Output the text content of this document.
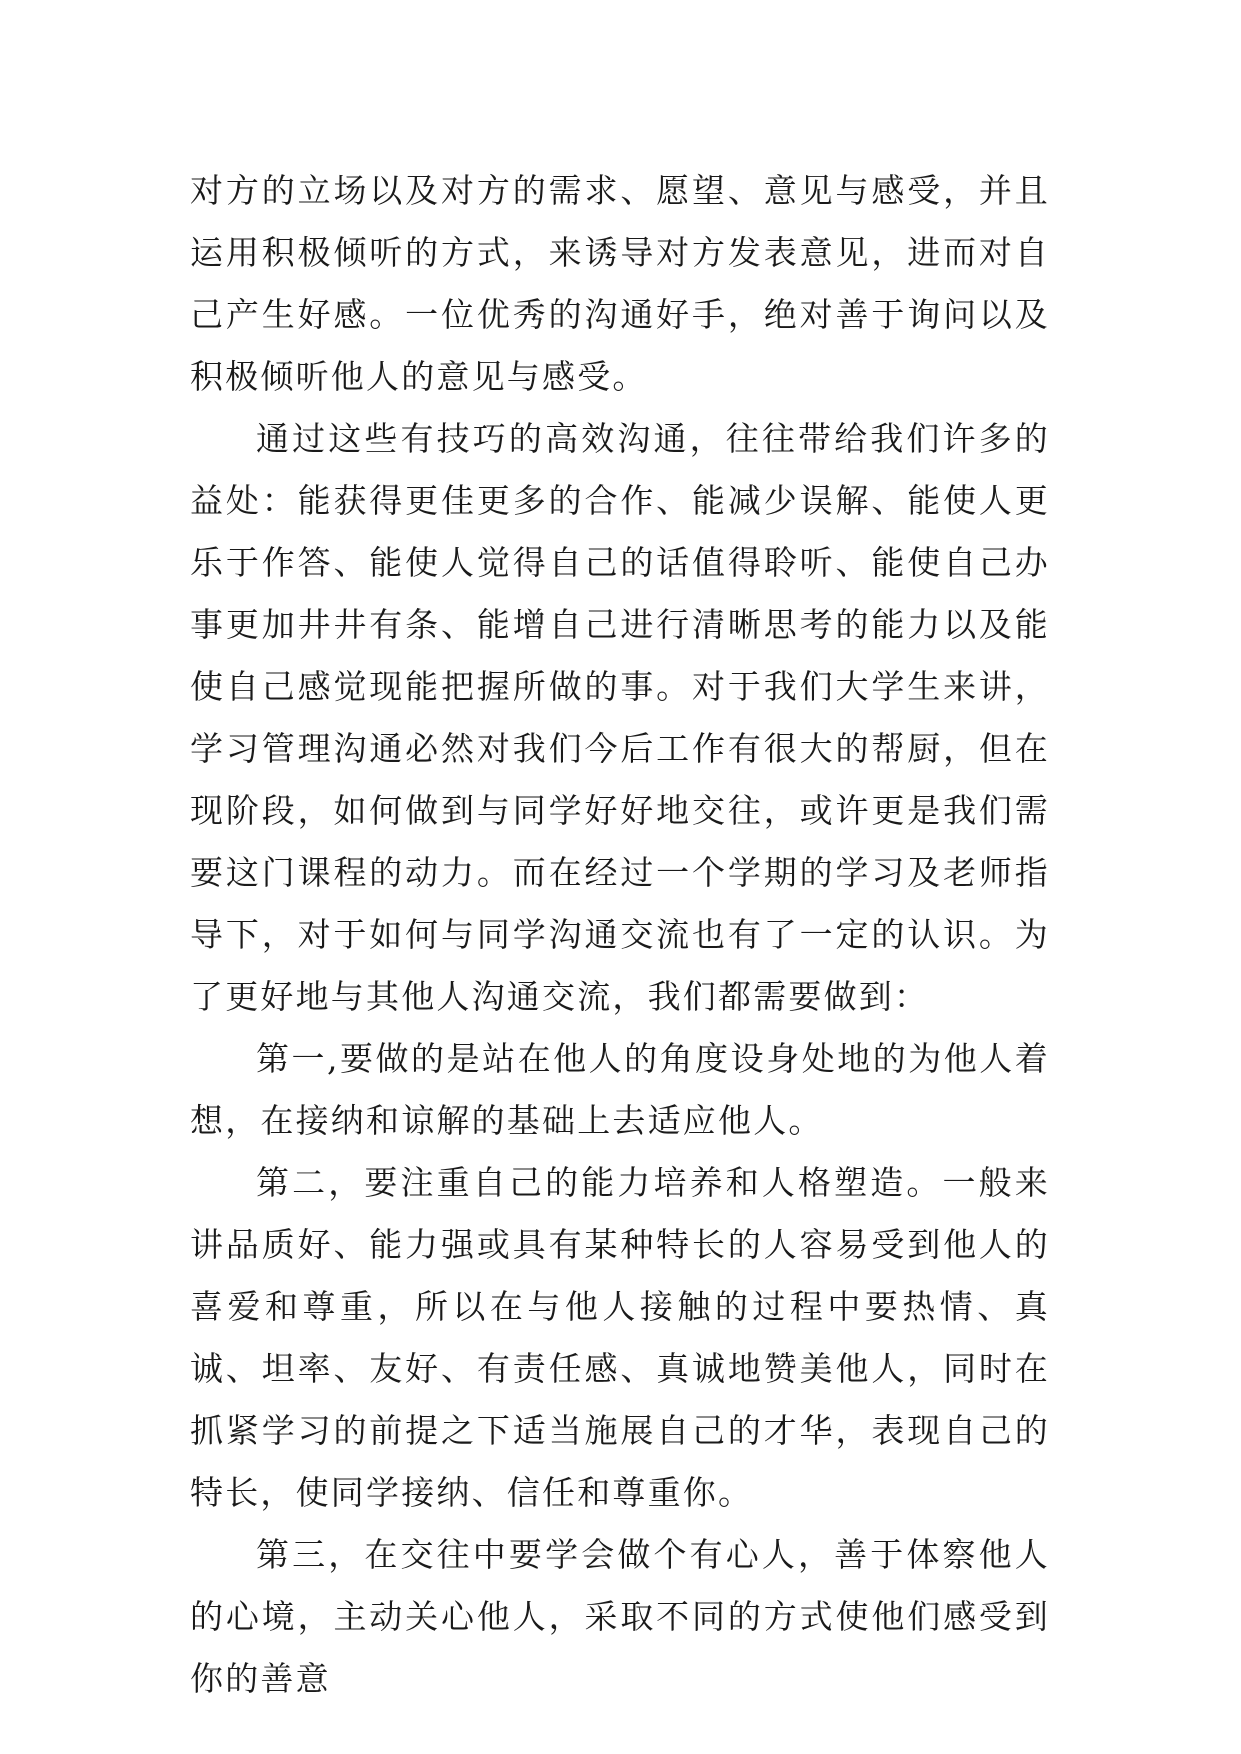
对方的立场以及对方的需求、愿望、意见与感受，并且运用积极倾听的方式，来诱导对方发表意见，进而对自己产生好感。一位优秀的沟通好手，绝对善于询问以及积极倾听他人的意见与感受。

通过这些有技巧的高效沟通，往往带给我们许多的益处：能获得更佳更多的合作、能减少误解、能使人更乐于作答、能使人觉得自己的话值得聆听、能使自己办事更加井井有条、能增自己进行清晰思考的能力以及能使自己感觉现能把握所做的事。对于我们大学生来讲，学习管理沟通必然对我们今后工作有很大的帮厨，但在现阶段，如何做到与同学好好地交往，或许更是我们需要这门课程的动力。而在经过一个学期的学习及老师指导下，对于如何与同学沟通交流也有了一定的认识。为了更好地与其他人沟通交流，我们都需要做到：

第一,要做的是站在他人的角度设身处地的为他人着想，在接纳和谅解的基础上去适应他人。

第二，要注重自己的能力培养和人格塑造。一般来讲品质好、能力强或具有某种特长的人容易受到他人的喜爱和尊重，所以在与他人接触的过程中要热情、真诚、坦率、友好、有责任感、真诚地赞美他人，同时在抓紧学习的前提之下适当施展自己的才华，表现自己的特长，使同学接纳、信任和尊重你。

第三，在交往中要学会做个有心人，善于体察他人的心境，主动关心他人，采取不同的方式使他们感受到你的善意
